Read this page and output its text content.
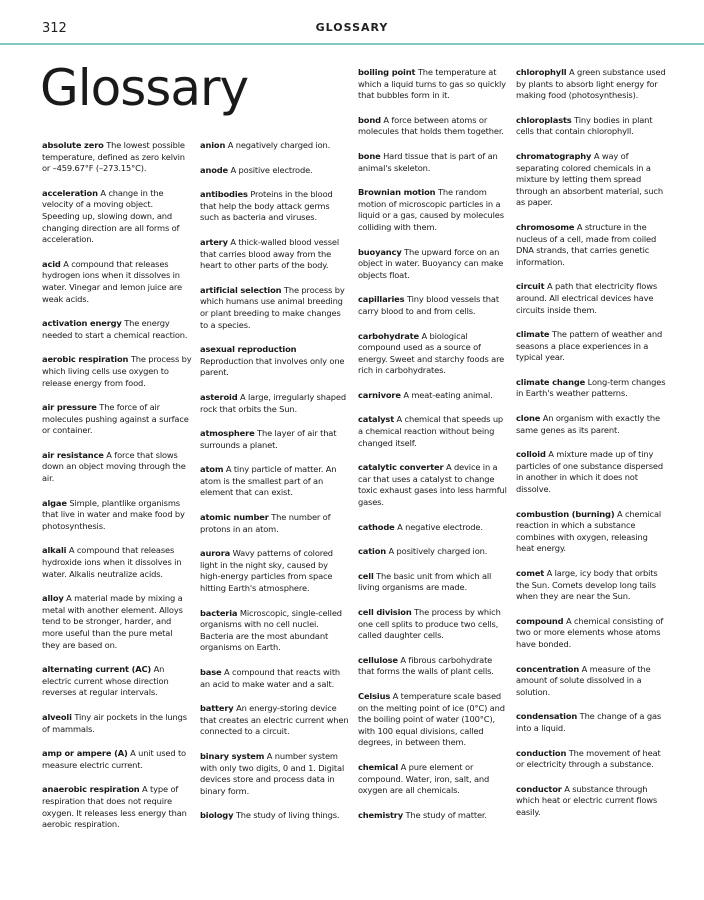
312	GLOSSARY
Glossary

absolute zero The lowest possible temperature, defined as zero kelvin or –459.67°F (–273.15°C).

acceleration A change in the velocity of a moving object. Speeding up, slowing down, and changing direction are all forms of acceleration.

acid A compound that releases hydrogen ions when it dissolves in water. Vinegar and lemon juice are weak acids.

activation energy The energy needed to start a chemical reaction.

aerobic respiration The process by which living cells use oxygen to release energy from food.

air pressure The force of air molecules pushing against a surface or container.

air resistance A force that slows down an object moving through the air.

algae Simple, plantlike organisms that live in water and make food by photosynthesis.

alkali A compound that releases hydroxide ions when it dissolves in water. Alkalis neutralize acids.

alloy A material made by mixing a metal with another element. Alloys tend to be stronger, harder, and more useful than the pure metal they are based on.

alternating current (AC) An electric current whose direction reverses at regular intervals.

alveoli Tiny air pockets in the lungs of mammals.

amp or ampere (A) A unit used to measure electric current.

anaerobic respiration A type of respiration that does not require oxygen. It releases less energy than aerobic respiration.

anion A negatively charged ion.

anode A positive electrode.

antibodies Proteins in the blood that help the body attack germs such as bacteria and viruses.

artery A thick-walled blood vessel that carries blood away from the heart to other parts of the body.

artificial selection The process by which humans use animal breeding or plant breeding to make changes to a species.

asexual reproduction Reproduction that involves only one parent.

asteroid A large, irregularly shaped rock that orbits the Sun.

atmosphere The layer of air that surrounds a planet.

atom A tiny particle of matter. An atom is the smallest part of an element that can exist.

atomic number The number of protons in an atom.

aurora Wavy patterns of colored light in the night sky, caused by high-energy particles from space hitting Earth's atmosphere.

bacteria Microscopic, single-celled organisms with no cell nuclei. Bacteria are the most abundant organisms on Earth.

base A compound that reacts with an acid to make water and a salt.

battery An energy-storing device that creates an electric current when connected to a circuit.

binary system A number system with only two digits, 0 and 1. Digital devices store and process data in binary form.

biology The study of living things.

boiling point The temperature at which a liquid turns to gas so quickly that bubbles form in it.

bond A force between atoms or molecules that holds them together.

bone Hard tissue that is part of an animal's skeleton.

Brownian motion The random motion of microscopic particles in a liquid or a gas, caused by molecules colliding with them.

buoyancy The upward force on an object in water. Buoyancy can make objects float.

capillaries Tiny blood vessels that carry blood to and from cells.

carbohydrate A biological compound used as a source of energy. Sweet and starchy foods are rich in carbohydrates.

carnivore A meat-eating animal.

catalyst A chemical that speeds up a chemical reaction without being changed itself.

catalytic converter A device in a car that uses a catalyst to change toxic exhaust gases into less harmful gases.

cathode A negative electrode.

cation A positively charged ion.

cell The basic unit from which all living organisms are made.

cell division The process by which one cell splits to produce two cells, called daughter cells.

cellulose A fibrous carbohydrate that forms the walls of plant cells.

Celsius A temperature scale based on the melting point of ice (0°C) and the boiling point of water (100°C), with 100 equal divisions, called degrees, in between them.

chemical A pure element or compound. Water, iron, salt, and oxygen are all chemicals.

chemistry The study of matter.

chlorophyll A green substance used by plants to absorb light energy for making food (photosynthesis).

chloroplasts Tiny bodies in plant cells that contain chlorophyll.

chromatography A way of separating colored chemicals in a mixture by letting them spread through an absorbent material, such as paper.

chromosome A structure in the nucleus of a cell, made from coiled DNA strands, that carries genetic information.

circuit A path that electricity flows around. All electrical devices have circuits inside them.

climate The pattern of weather and seasons a place experiences in a typical year.

climate change Long-term changes in Earth's weather patterns.

clone An organism with exactly the same genes as its parent.

colloid A mixture made up of tiny particles of one substance dispersed in another in which it does not dissolve.

combustion (burning) A chemical reaction in which a substance combines with oxygen, releasing heat energy.

comet A large, icy body that orbits the Sun. Comets develop long tails when they are near the Sun.

compound A chemical consisting of two or more elements whose atoms have bonded.

concentration A measure of the amount of solute dissolved in a solution.

condensation The change of a gas into a liquid.

conduction The movement of heat or electricity through a substance.

conductor A substance through which heat or electric current flows easily.
